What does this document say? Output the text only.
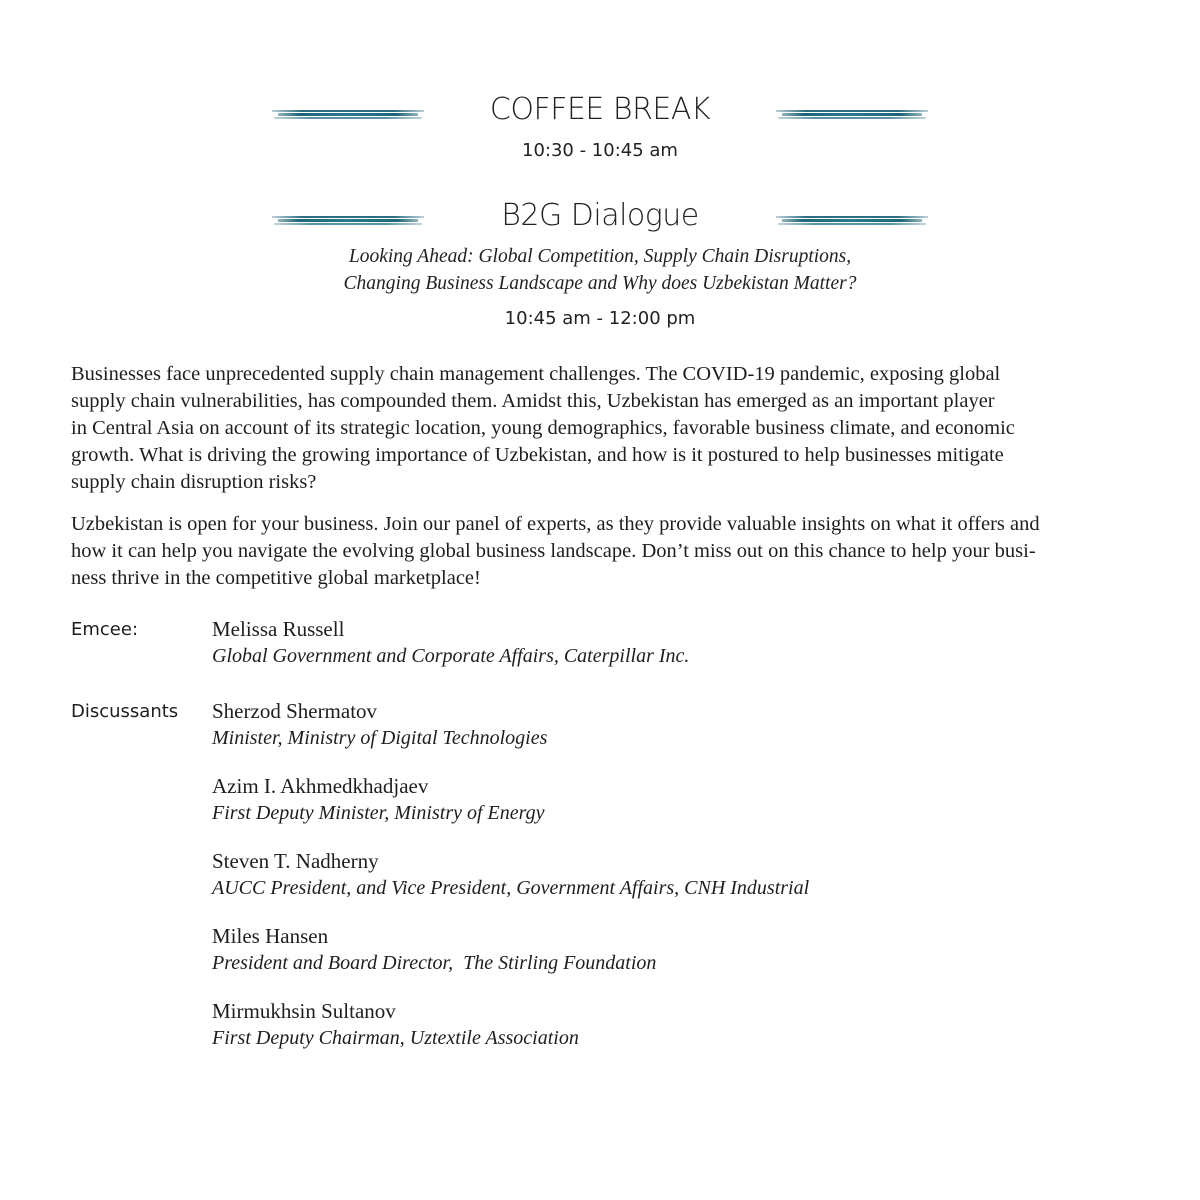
COFFEE BREAK
10:30 - 10:45 am
B2G Dialogue
Looking Ahead: Global Competition, Supply Chain Disruptions,
Changing Business Landscape and Why does Uzbekistan Matter?
10:45 am - 12:00 pm
Businesses face unprecedented supply chain management challenges. The COVID-19 pandemic, exposing global
supply chain vulnerabilities, has compounded them. Amidst this, Uzbekistan has emerged as an important player
in Central Asia on account of its strategic location, young demographics, favorable business climate, and economic
growth. What is driving the growing importance of Uzbekistan, and how is it postured to help businesses mitigate
supply chain disruption risks?
Uzbekistan is open for your business. Join our panel of experts, as they provide valuable insights on what it offers and
how it can help you navigate the evolving global business landscape. Don’t miss out on this chance to help your busi-
ness thrive in the competitive global marketplace!
Emcee:	Melissa Russell
Global Government and Corporate Affairs, Caterpillar Inc.
Discussants Sherzod Shermatov
Minister, Ministry of Digital Technologies
Azim I. Akhmedkhadjaev
First Deputy Minister, Ministry of Energy
Steven T. Nadherny
AUCC President, and Vice President, Government Affairs, CNH Industrial
Miles Hansen
President and Board Director,  The Stirling Foundation
Mirmukhsin Sultanov
First Deputy Chairman, Uztextile Association
